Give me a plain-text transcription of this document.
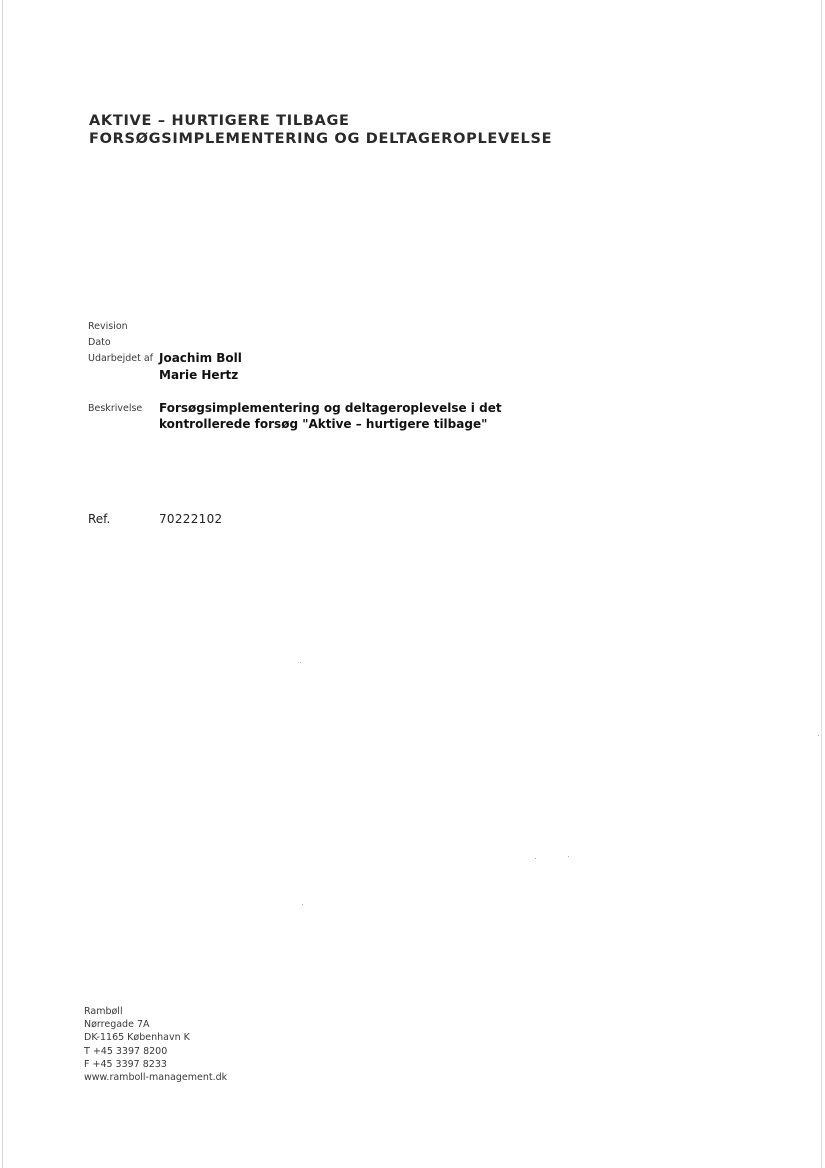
AKTIVE – HURTIGERE TILBAGE
FORSØGSIMPLEMENTERING OG DELTAGEROPLEVELSE
Revision
Dato
Udarbejdet af Joachim Boll
Marie Hertz
Beskrivelse Forsøgsimplementering og deltageroplevelse i det
kontrollerede forsøg "Aktive – hurtigere tilbage"
Ref.	70222102
Rambøll
Nørregade 7A
DK-1165 København K
T +45 3397 8200
F +45 3397 8233
www.ramboll-management.dk
